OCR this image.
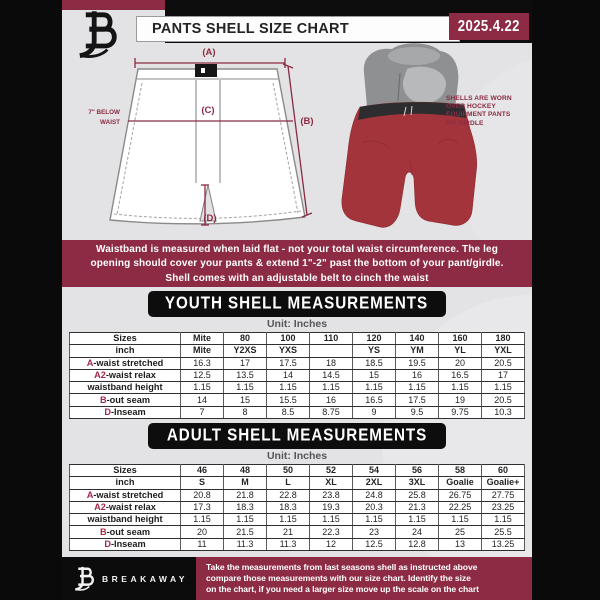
PANTS SHELL SIZE CHART	2025.4.22
(A)
(C)
(B)
(D)
7" BELOW
WAIST
SHELLS ARE WORN
OVER HOCKEY
EQUIPMENT PANTS
OR GIRDLE
Waistband is measured when laid flat - not your total waist circumference. The leg
opening should cover your pants & extend 1"-2" past the bottom of your pant/girdle.
Shell comes with an adjustable belt to cinch the waist
YOUTH SHELL MEASUREMENTS
Unit: Inches
Sizes	Mite	80	100	110	120	140	160	180
inch	Mite	Y2XS	YXS		YS	YM	YL	YXL
A-waist stretched	16.3	17	17.5	18	18.5	19.5	20	20.5
A2-waist relax	12.5	13.5	14	14.5	15	16	16.5	17
waistband height	1.15	1.15	1.15	1.15	1.15	1.15	1.15	1.15
B-out seam	14	15	15.5	16	16.5	17.5	19	20.5
D-Inseam	7	8	8.5	8.75	9	9.5	9.75	10.3
ADULT SHELL MEASUREMENTS
Unit: Inches
Sizes	46	48	50	52	54	56	58	60
inch	S	M	L	XL	2XL	3XL	Goalie	Goalie+
A-waist stretched	20.8	21.8	22.8	23.8	24.8	25.8	26.75	27.75
A2-waist relax	17.3	18.3	18.3	19.3	20.3	21.3	22.25	23.25
waistband height	1.15	1.15	1.15	1.15	1.15	1.15	1.15	1.15
B-out seam	20	21.5	21	22.3	23	24	25	25.5
D-Inseam	11	11.3	11.3	12	12.5	12.8	13	13.25
BREAKAWAY
Take the measurements from last seasons shell as instructed above
compare those measurements with our size chart. Identify the size
on the chart, if you need a larger size move up the scale on the chart
